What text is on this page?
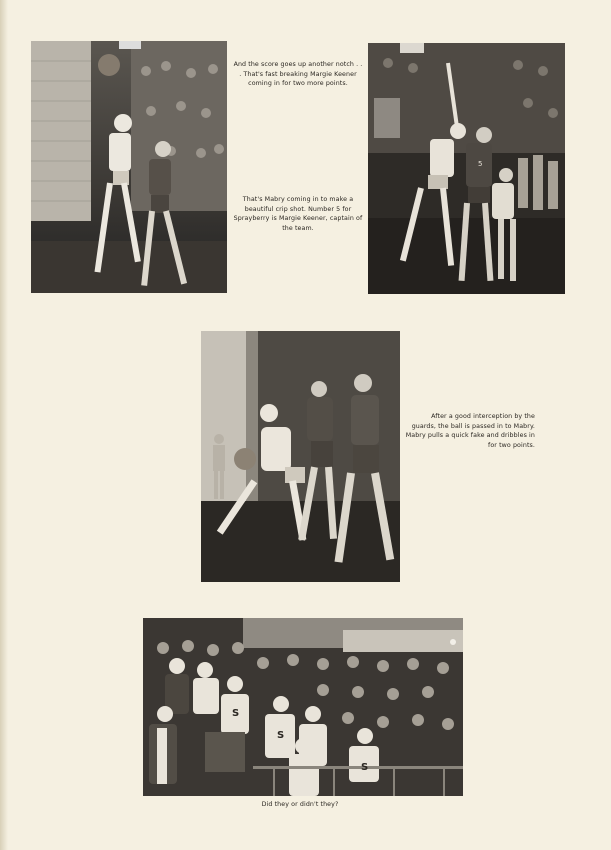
And the score goes up another notch . . . That's fast breaking Margie Keener coming in for two more points.
That's Mabry coming in to make a beautiful crip shot. Number 5 for Sprayberry is Margie Keener, captain of the team.
After a good interception by the guards, the ball is passed in to Mabry. Mabry pulls a quick fake and dribbles in for two points.
S
S
S
Did they or didn't they?
5
